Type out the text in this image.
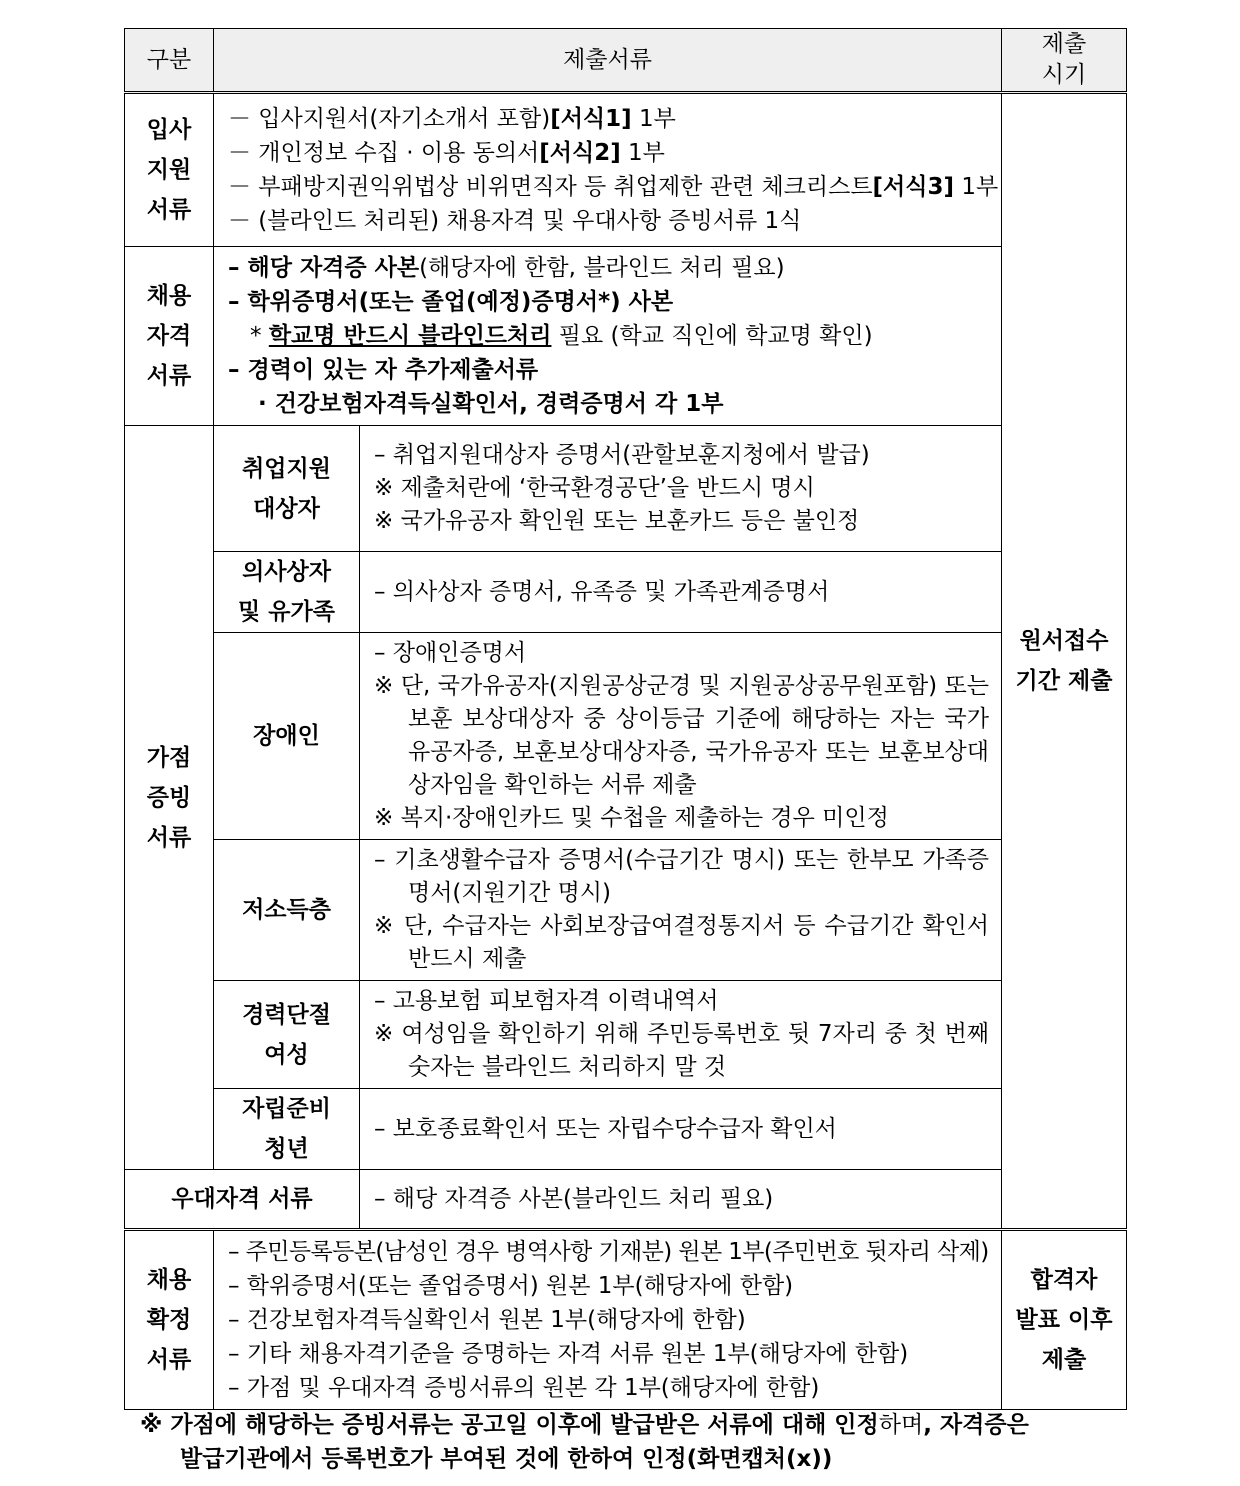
구분	제출서류		제출
시기

입사
지원
서류	－ 입사지원서(자기소개서 포함)[서식1] 1부
－ 개인정보 수집 · 이용 동의서[서식2] 1부
－ 부패방지권익위법상 비위면직자 등 취업제한 관련 체크리스트[서식3] 1부
－ (블라인드 처리된) 채용자격 및 우대사항 증빙서류 1식		원서접수
기간 제출

채용
자격
서류	– 해당 자격증 사본(해당자에 한함, 블라인드 처리 필요)
– 학위증명서(또는 졸업(예정)증명서*) 사본
* 학교명 반드시 블라인드처리 필요 (학교 직인에 학교명 확인)
– 경력이 있는 자 추가제출서류
· 건강보험자격득실확인서, 경력증명서 각 1부		

가점
증빙
서류	취업지원
대상자	– 취업지원대상자 증명서(관할보훈지청에서 발급)
※ 제출처란에 ‘한국환경공단’을 반드시 명시
※ 국가유공자 확인원 또는 보훈카드 등은 불인정	

	의사상자
및 유가족	– 의사상자 증명서, 유족증 및 가족관계증명서	

	장애인	– 장애인증명서
※ 단, 국가유공자(지원공상군경 및 지원공상공무원포함) 또는 보훈 보상대상자 중 상이등급 기준에 해당하는 자는 국가유공자증, 보훈보상대상자증, 국가유공자 또는 보훈보상대상자임을 확인하는 서류 제출
※ 복지·장애인카드 및 수첩을 제출하는 경우 미인정	

	저소득층	– 기초생활수급자 증명서(수급기간 명시) 또는 한부모 가족증명서(지원기간 명시)
※ 단, 수급자는 사회보장급여결정통지서 등 수급기간 확인서 반드시 제출	

	경력단절
여성	– 고용보험 피보험자격 이력내역서
※ 여성임을 확인하기 위해 주민등록번호 뒷 7자리 중 첫 번째 숫자는 블라인드 처리하지 말 것	

	자립준비
청년	– 보호종료확인서 또는 자립수당수급자 확인서	

우대자격 서류		– 해당 자격증 사본(블라인드 처리 필요)	

채용
확정
서류	– 주민등록등본(남성인 경우 병역사항 기재분) 원본 1부(주민번호 뒷자리 삭제)
– 학위증명서(또는 졸업증명서) 원본 1부(해당자에 한함)
– 건강보험자격득실확인서 원본 1부(해당자에 한함)
– 기타 채용자격기준을 증명하는 자격 서류 원본 1부(해당자에 한함)
– 가점 및 우대자격 증빙서류의 원본 각 1부(해당자에 한함)		합격자
발표 이후
제출
※ 가점에 해당하는 증빙서류는 공고일 이후에 발급받은 서류에 대해 인정하며, 자격증은
발급기관에서 등록번호가 부여된 것에 한하여 인정(화면캡처(x))
